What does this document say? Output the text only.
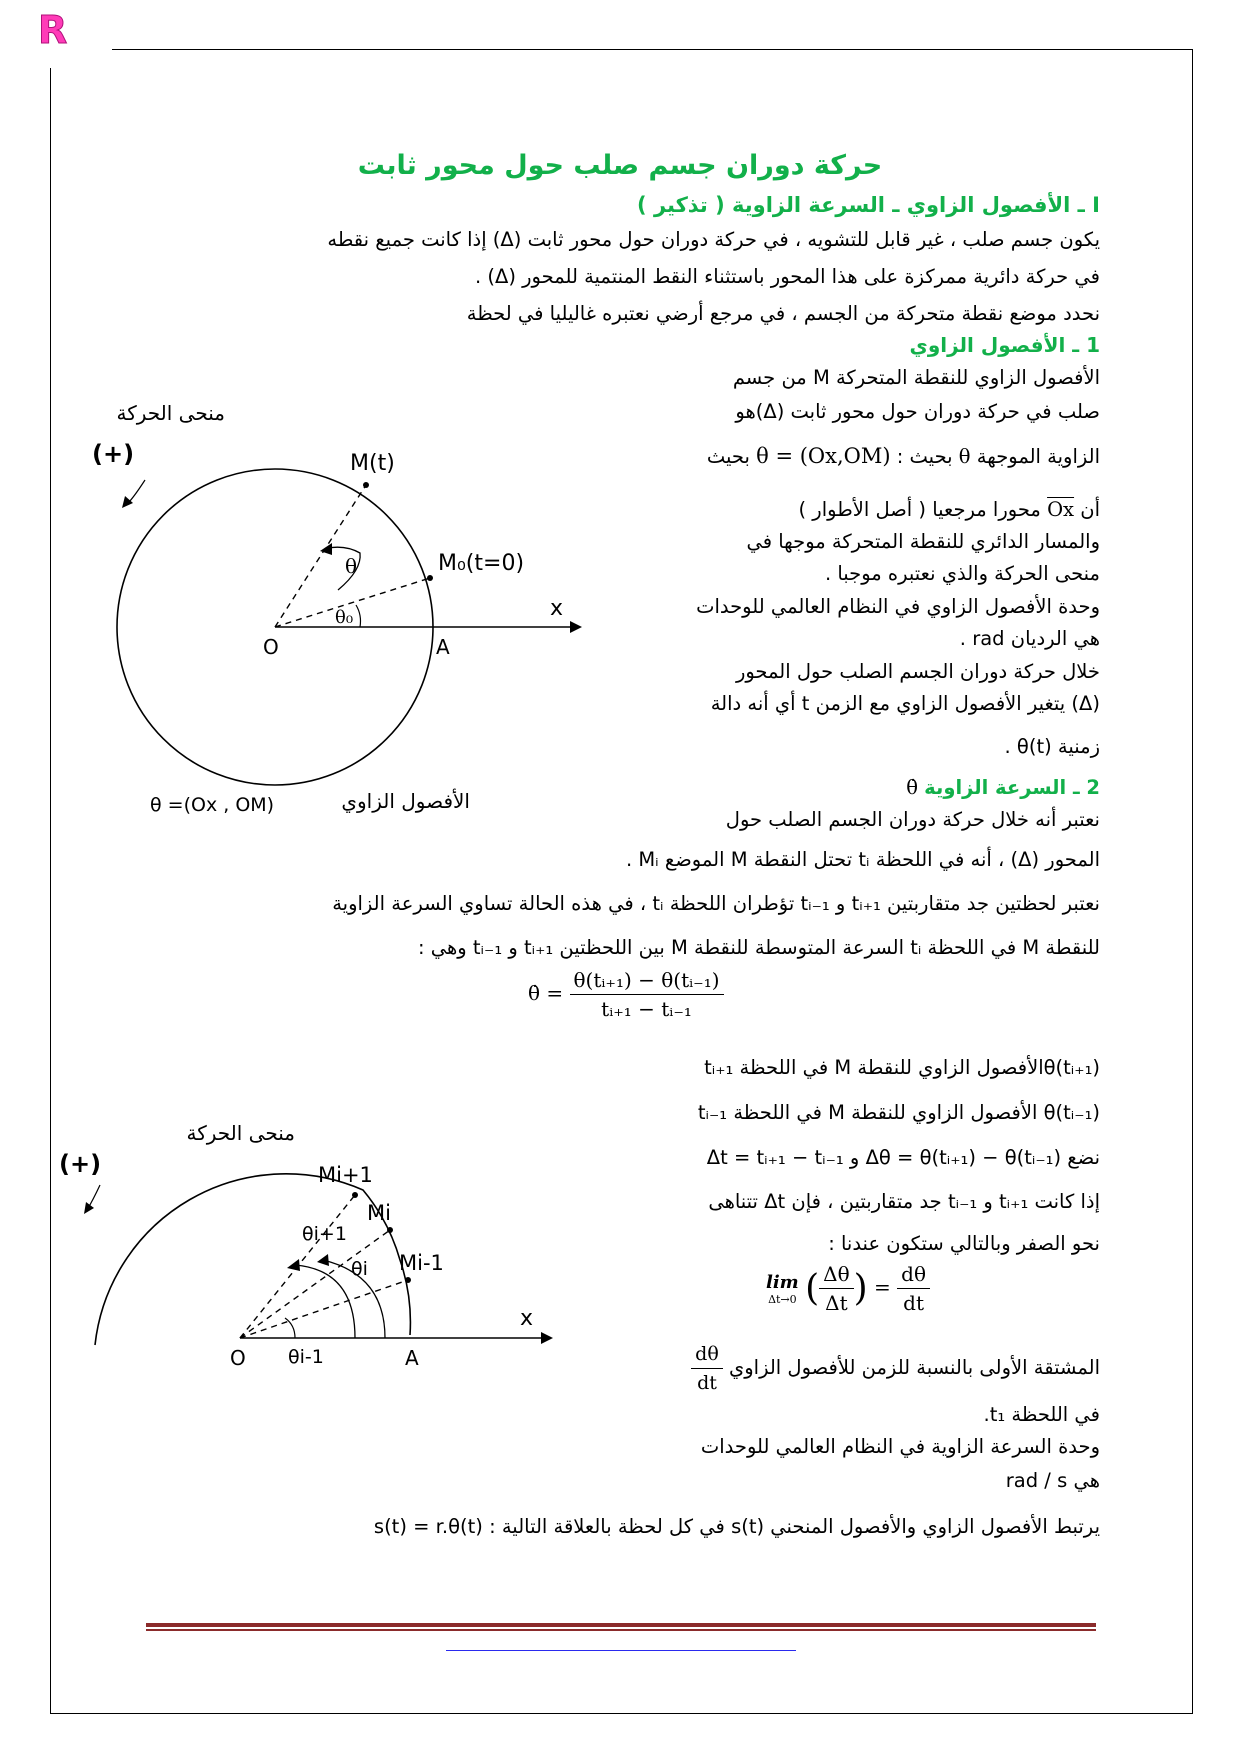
R
حركة دوران جسم صلب حول محور ثابت
I ـ الأفصول الزاوي ـ السرعة الزاوية ( تذكير )
يكون جسم صلب ، غير قابل للتشويه ، في حركة دوران حول محور ثابت (Δ) إذا كانت جميع نقطه
في حركة دائرية ممركزة على هذا المحور باستثناء النقط المنتمية للمحور (Δ) .
نحدد موضع نقطة متحركة من الجسم ، في مرجع أرضي نعتبره غاليليا في لحظة
1 ـ الأفصول الزاوي
الأفصول الزاوي للنقطة المتحركة M من جسم
صلب في حركة دوران حول محور ثابت (Δ)هو
الزاوية الموجهة θ بحيث : θ = (Ox,OM) بحيث
أن $\overline{Ox}$ محورا مرجعيا ( أصل الأطوار )
والمسار الدائري للنقطة المتحركة موجها في
منحى الحركة والذي نعتبره موجبا .
وحدة الأفصول الزاوي في النظام العالمي للوحدات
هي الرديان rad .
خلال حركة دوران الجسم الصلب حول المحور
(Δ) يتغير الأفصول الزاوي مع الزمن t أي أنه دالة
زمنية θ(t) .
منحى الحركة
(+)	M(t)
M₀(t=0)
θ
θ₀
O	A
x
الأفصول الزاوي
θ =(Ox , OM)
2 ـ السرعة الزاوية θ̇
نعتبر أنه خلال حركة دوران الجسم الصلب حول
المحور (Δ) ، أنه في اللحظة tᵢ تحتل النقطة M الموضع Mᵢ .
نعتبر لحظتين جد متقاربتين tᵢ₊₁ و tᵢ₋₁ تؤطران اللحظة tᵢ ، في هذه الحالة تساوي السرعة الزاوية
للنقطة M في اللحظة tᵢ السرعة المتوسطة للنقطة M بين اللحظتين tᵢ₊₁ و tᵢ₋₁ وهي :
θ̇ = $\frac{\text{θ(tᵢ₊₁) − θ(tᵢ₋₁)}}{\text{tᵢ₊₁ − tᵢ₋₁}}$
θ(tᵢ₊₁)الأفصول الزاوي للنقطة M في اللحظة tᵢ₊₁
θ(tᵢ₋₁) الأفصول الزاوي للنقطة M في اللحظة tᵢ₋₁
نضع Δθ = θ(tᵢ₊₁) − θ(tᵢ₋₁) و Δt = tᵢ₊₁ − tᵢ₋₁
إذا كانت tᵢ₊₁ و tᵢ₋₁ جد متقاربتين ، فإن Δt تتناهى
نحو الصفر وبالتالي ستكون عندنا :
lim
Δt→0 ( $\frac{\Delta\theta}{\Delta t}$ ) = $\frac{d\theta}{dt}$
المشتقة الأولى بالنسبة للزمن للأفصول الزاوي
$\frac{d\theta}{dt}$
في اللحظة t₁.
وحدة السرعة الزاوية في النظام العالمي للوحدات
هي rad / s
يرتبط الأفصول الزاوي والأفصول المنحني s(t) في كل لحظة بالعلاقة التالية : s(t) = r.θ(t)
منحى الحركة
(+)	Mi+1
Mi
Mi-1
θi+1
θi
θi-1
O	A
x
